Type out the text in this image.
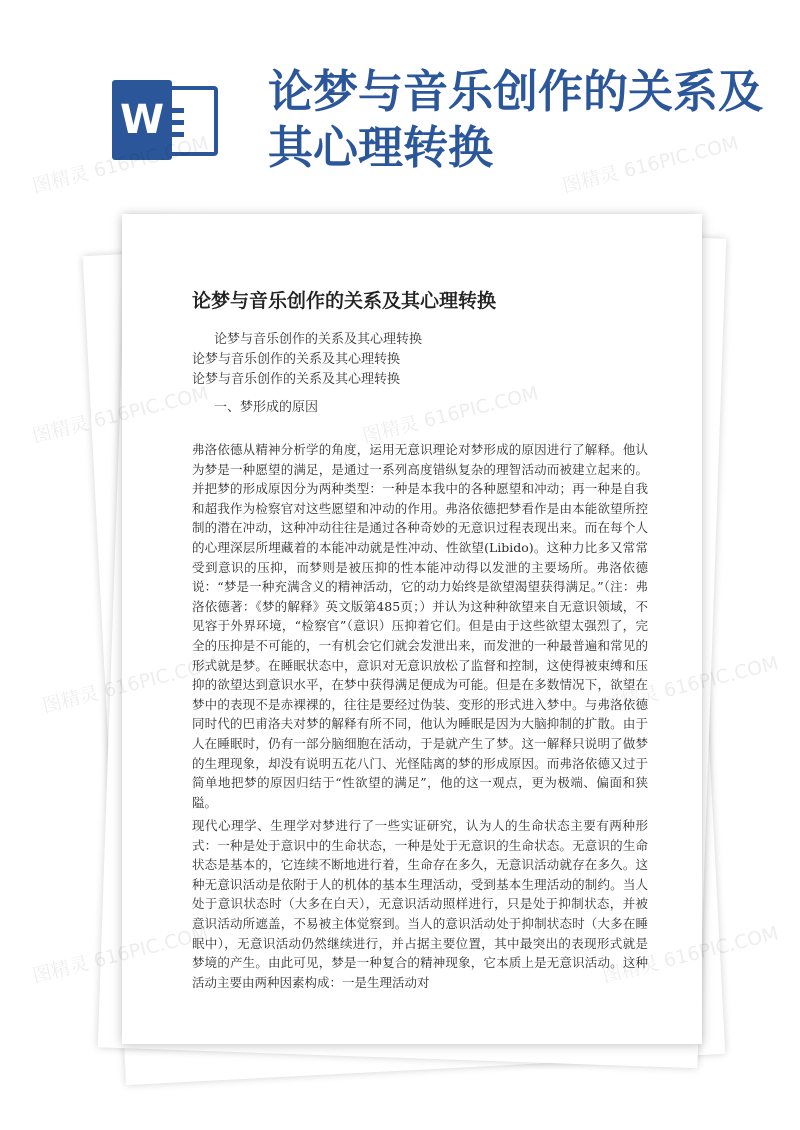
W
论梦与音乐创作的关系及其心理转换
论梦与音乐创作的关系及其心理转换
论梦与音乐创作的关系及其心理转换
论梦与音乐创作的关系及其心理转换
论梦与音乐创作的关系及其心理转换
一、梦形成的原因

弗洛依德从精神分析学的角度，运用无意识理论对梦形成的原因进行了解释。他认为梦是一种愿望的满足，是通过一系列高度错纵复杂的理智活动而被建立起来的。并把梦的形成原因分为两种类型：一种是本我中的各种愿望和冲动；再一种是自我和超我作为检察官对这些愿望和冲动的作用。弗洛依德把梦看作是由本能欲望所控制的潜在冲动，这种冲动往往是通过各种奇妙的无意识过程表现出来。而在每个人的心理深层所埋藏着的本能冲动就是性冲动、性欲望(Libido)。这种力比多又常常受到意识的压抑，而梦则是被压抑的性本能冲动得以发泄的主要场所。弗洛依德说：“梦是一种充满含义的精神活动，它的动力始终是欲望渴望获得满足。”（注：弗洛依德著：《梦的解释》英文版第485页；）并认为这种种欲望来自无意识领域，不见容于外界环境，“检察官”（意识）压抑着它们。但是由于这些欲望太强烈了，完全的压抑是不可能的，一有机会它们就会发泄出来，而发泄的一种最普遍和常见的形式就是梦。在睡眠状态中，意识对无意识放松了监督和控制，这使得被束缚和压抑的欲望达到意识水平，在梦中获得满足便成为可能。但是在多数情况下，欲望在梦中的表现不是赤裸裸的，往往是要经过伪装、变形的形式进入梦中。与弗洛依德同时代的巴甫洛夫对梦的解释有所不同，他认为睡眠是因为大脑抑制的扩散。由于人在睡眠时，仍有一部分脑细胞在活动，于是就产生了梦。这一解释只说明了做梦的生理现象，却没有说明五花八门、光怪陆离的梦的形成原因。而弗洛依德又过于简单地把梦的原因归结于“性欲望的满足”，他的这一观点，更为极端、偏面和狭隘。

现代心理学、生理学对梦进行了一些实证研究，认为人的生命状态主要有两种形式：一种是处于意识中的生命状态，一种是处于无意识的生命状态。无意识的生命状态是基本的，它连续不断地进行着，生命存在多久，无意识活动就存在多久。这种无意识活动是依附于人的机体的基本生理活动，受到基本生理活动的制约。当人处于意识状态时（大多在白天），无意识活动照样进行，只是处于抑制状态，并被意识活动所遮盖，不易被主体觉察到。当人的意识活动处于抑制状态时（大多在睡眠中），无意识活动仍然继续进行，并占据主要位置，其中最突出的表现形式就是梦境的产生。由此可见，梦是一种复合的精神现象，它本质上是无意识活动。这种活动主要由两种因素构成：一是生理活动对

图精灵 616PIC.COM	图精灵 616PIC.COM
图精灵
图精灵	616PIC.COM
图精灵	616PIC.COM
